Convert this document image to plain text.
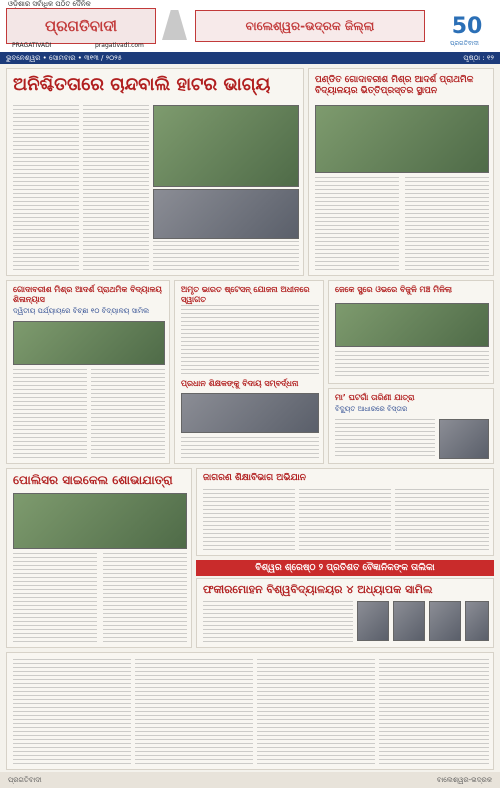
ପ୍ରଗତିବାଦୀ
ଓଡ଼ିଶାର ସର୍ବାଧିକ ପଠିତ ଦୈନିକ
PRAGATIVADI	pragativadi.com
ବାଲେଶ୍ୱର-ଭଦ୍ରକ ଜିଲ୍ଲା	50
ପ୍ରଗତିବାଦୀ
ଭୁବନେଶ୍ୱର • ସୋମବାର • ୩୧୩ / ୨୦୨୫	ପୃଷ୍ଠା : ୧୨
ଅନିଶ୍ଚିତତାରେ ଚାନ୍ଦବାଲି ହାଟର ଭାଗ୍ୟ	ପଣ୍ଡିତ ଗୋଦାବରୀଶ ମିଶ୍ର ଆଦର୍ଶ ପ୍ରାଥମିକ ବିଦ୍ୟାଳୟର ଭିତ୍ତିପ୍ରସ୍ତର ସ୍ଥାପନ
ଗୋଦାବରୀଶ ମିଶ୍ର ଆଦର୍ଶ ପ୍ରାଥମିକ ବିଦ୍ୟାଳୟ ଶିଳାନ୍ୟାସ
ଦ୍ୱିତୀୟ ପର୍ଯ୍ୟାୟରେ ବିଚ୍ଛା ୧୦ ବିଦ୍ୟାଳୟ ସାମିଲ
ଅମୃତ ଭାରତ ଷ୍ଟେସନ୍ ଯୋଜନା ଅଧୀନରେ ସ୍ୱାଗତ
ପ୍ରଧାନ ଶିକ୍ଷକଙ୍କୁ ବିଦାୟ ସମ୍ବର୍ଦ୍ଧନା
ଜେକେ ସ୍ପ୍ରେ ଓଭରେ ବିଜୁଳି ମଞ୍ଚ ମିଳିଲା
ମା’ ଘଟଗାଁ ତାରିଣୀ ଯାତ୍ରା
ବିଦ୍ୟୁତ ଆଧାରରେ ବିସ୍ତାର
ପୋଲିସର ସାଇକେଲ ଶୋଭାଯାତ୍ରା	ଜାଗରଣ ଶିକ୍ଷାବିଭାଗ ଅଭିଯାନ
ବିଶ୍ୱର ଶ୍ରେଷ୍ଠ ୨ ପ୍ରତିଶତ ବୈଜ୍ଞାନିକଙ୍କ ତାଲିକା
ଫକୀରମୋହନ ବିଶ୍ୱବିଦ୍ୟାଳୟର ୪ ଅଧ୍ୟାପକ ସାମିଲ
ପ୍ରଗତିବାଦୀ	ବାଲେଶ୍ୱର-ଭଦ୍ରକ
